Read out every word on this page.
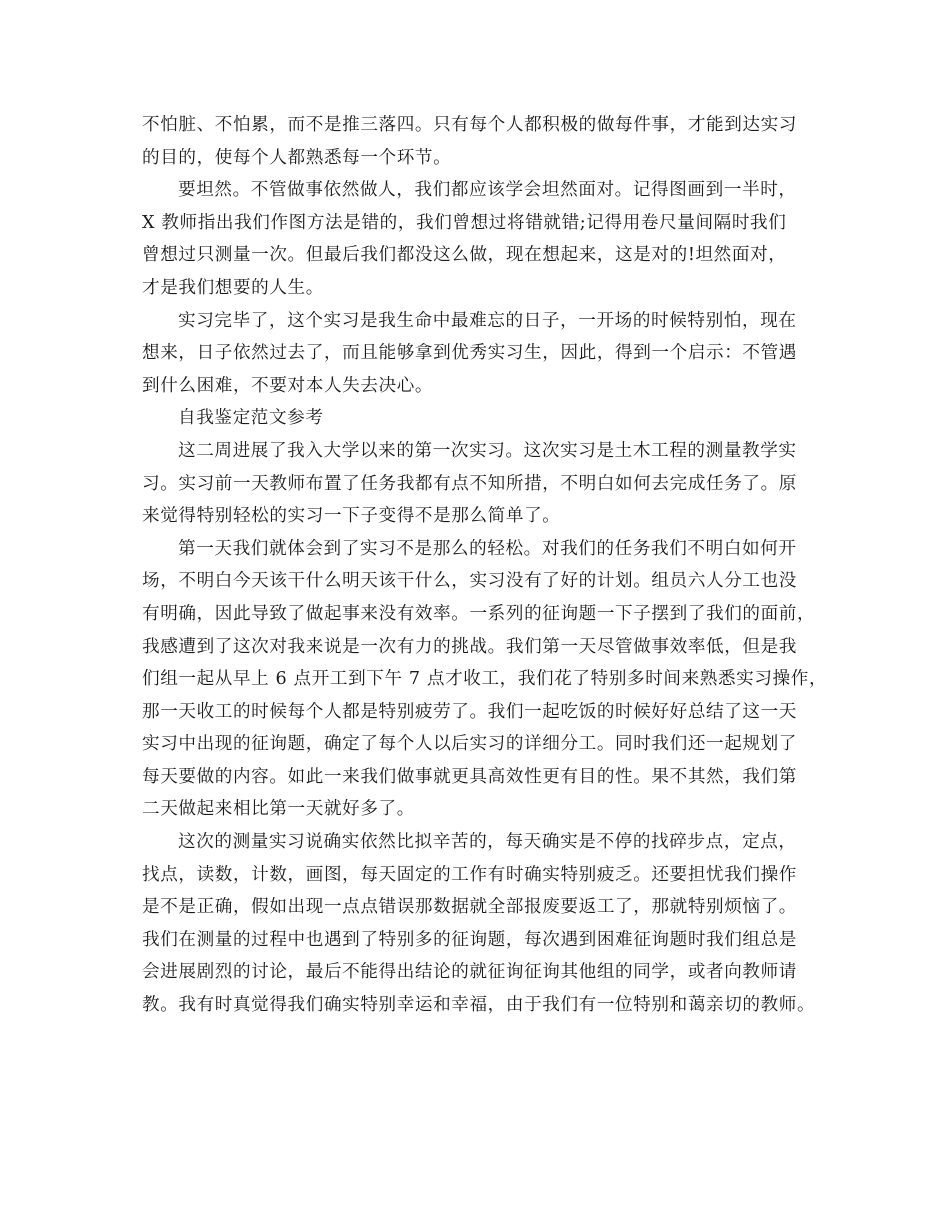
不怕脏、不怕累，而不是推三落四。只有每个人都积极的做每件事，才能到达实习
的目的，使每个人都熟悉每一个环节。
要坦然。不管做事依然做人，我们都应该学会坦然面对。记得图画到一半时，
X 教师指出我们作图方法是错的，我们曾想过将错就错;记得用卷尺量间隔时我们
曾想过只测量一次。但最后我们都没这么做，现在想起来，这是对的!坦然面对，
才是我们想要的人生。
实习完毕了，这个实习是我生命中最难忘的日子，一开场的时候特别怕，现在
想来，日子依然过去了，而且能够拿到优秀实习生，因此，得到一个启示：不管遇
到什么困难，不要对本人失去决心。
自我鉴定范文参考
这二周进展了我入大学以来的第一次实习。这次实习是土木工程的测量教学实
习。实习前一天教师布置了任务我都有点不知所措，不明白如何去完成任务了。原
来觉得特别轻松的实习一下子变得不是那么简单了。
第一天我们就体会到了实习不是那么的轻松。对我们的任务我们不明白如何开
场，不明白今天该干什么明天该干什么，实习没有了好的计划。组员六人分工也没
有明确，因此导致了做起事来没有效率。一系列的征询题一下子摆到了我们的面前，
我感遭到了这次对我来说是一次有力的挑战。我们第一天尽管做事效率低，但是我
们组一起从早上 6 点开工到下午 7 点才收工，我们花了特别多时间来熟悉实习操作，
那一天收工的时候每个人都是特别疲劳了。我们一起吃饭的时候好好总结了这一天
实习中出现的征询题，确定了每个人以后实习的详细分工。同时我们还一起规划了
每天要做的内容。如此一来我们做事就更具高效性更有目的性。果不其然，我们第
二天做起来相比第一天就好多了。
这次的测量实习说确实依然比拟辛苦的，每天确实是不停的找碎步点，定点，
找点，读数，计数，画图，每天固定的工作有时确实特别疲乏。还要担忧我们操作
是不是正确，假如出现一点点错误那数据就全部报废要返工了，那就特别烦恼了。
我们在测量的过程中也遇到了特别多的征询题，每次遇到困难征询题时我们组总是
会进展剧烈的讨论，最后不能得出结论的就征询征询其他组的同学，或者向教师请
教。我有时真觉得我们确实特别幸运和幸福，由于我们有一位特别和蔼亲切的教师。
